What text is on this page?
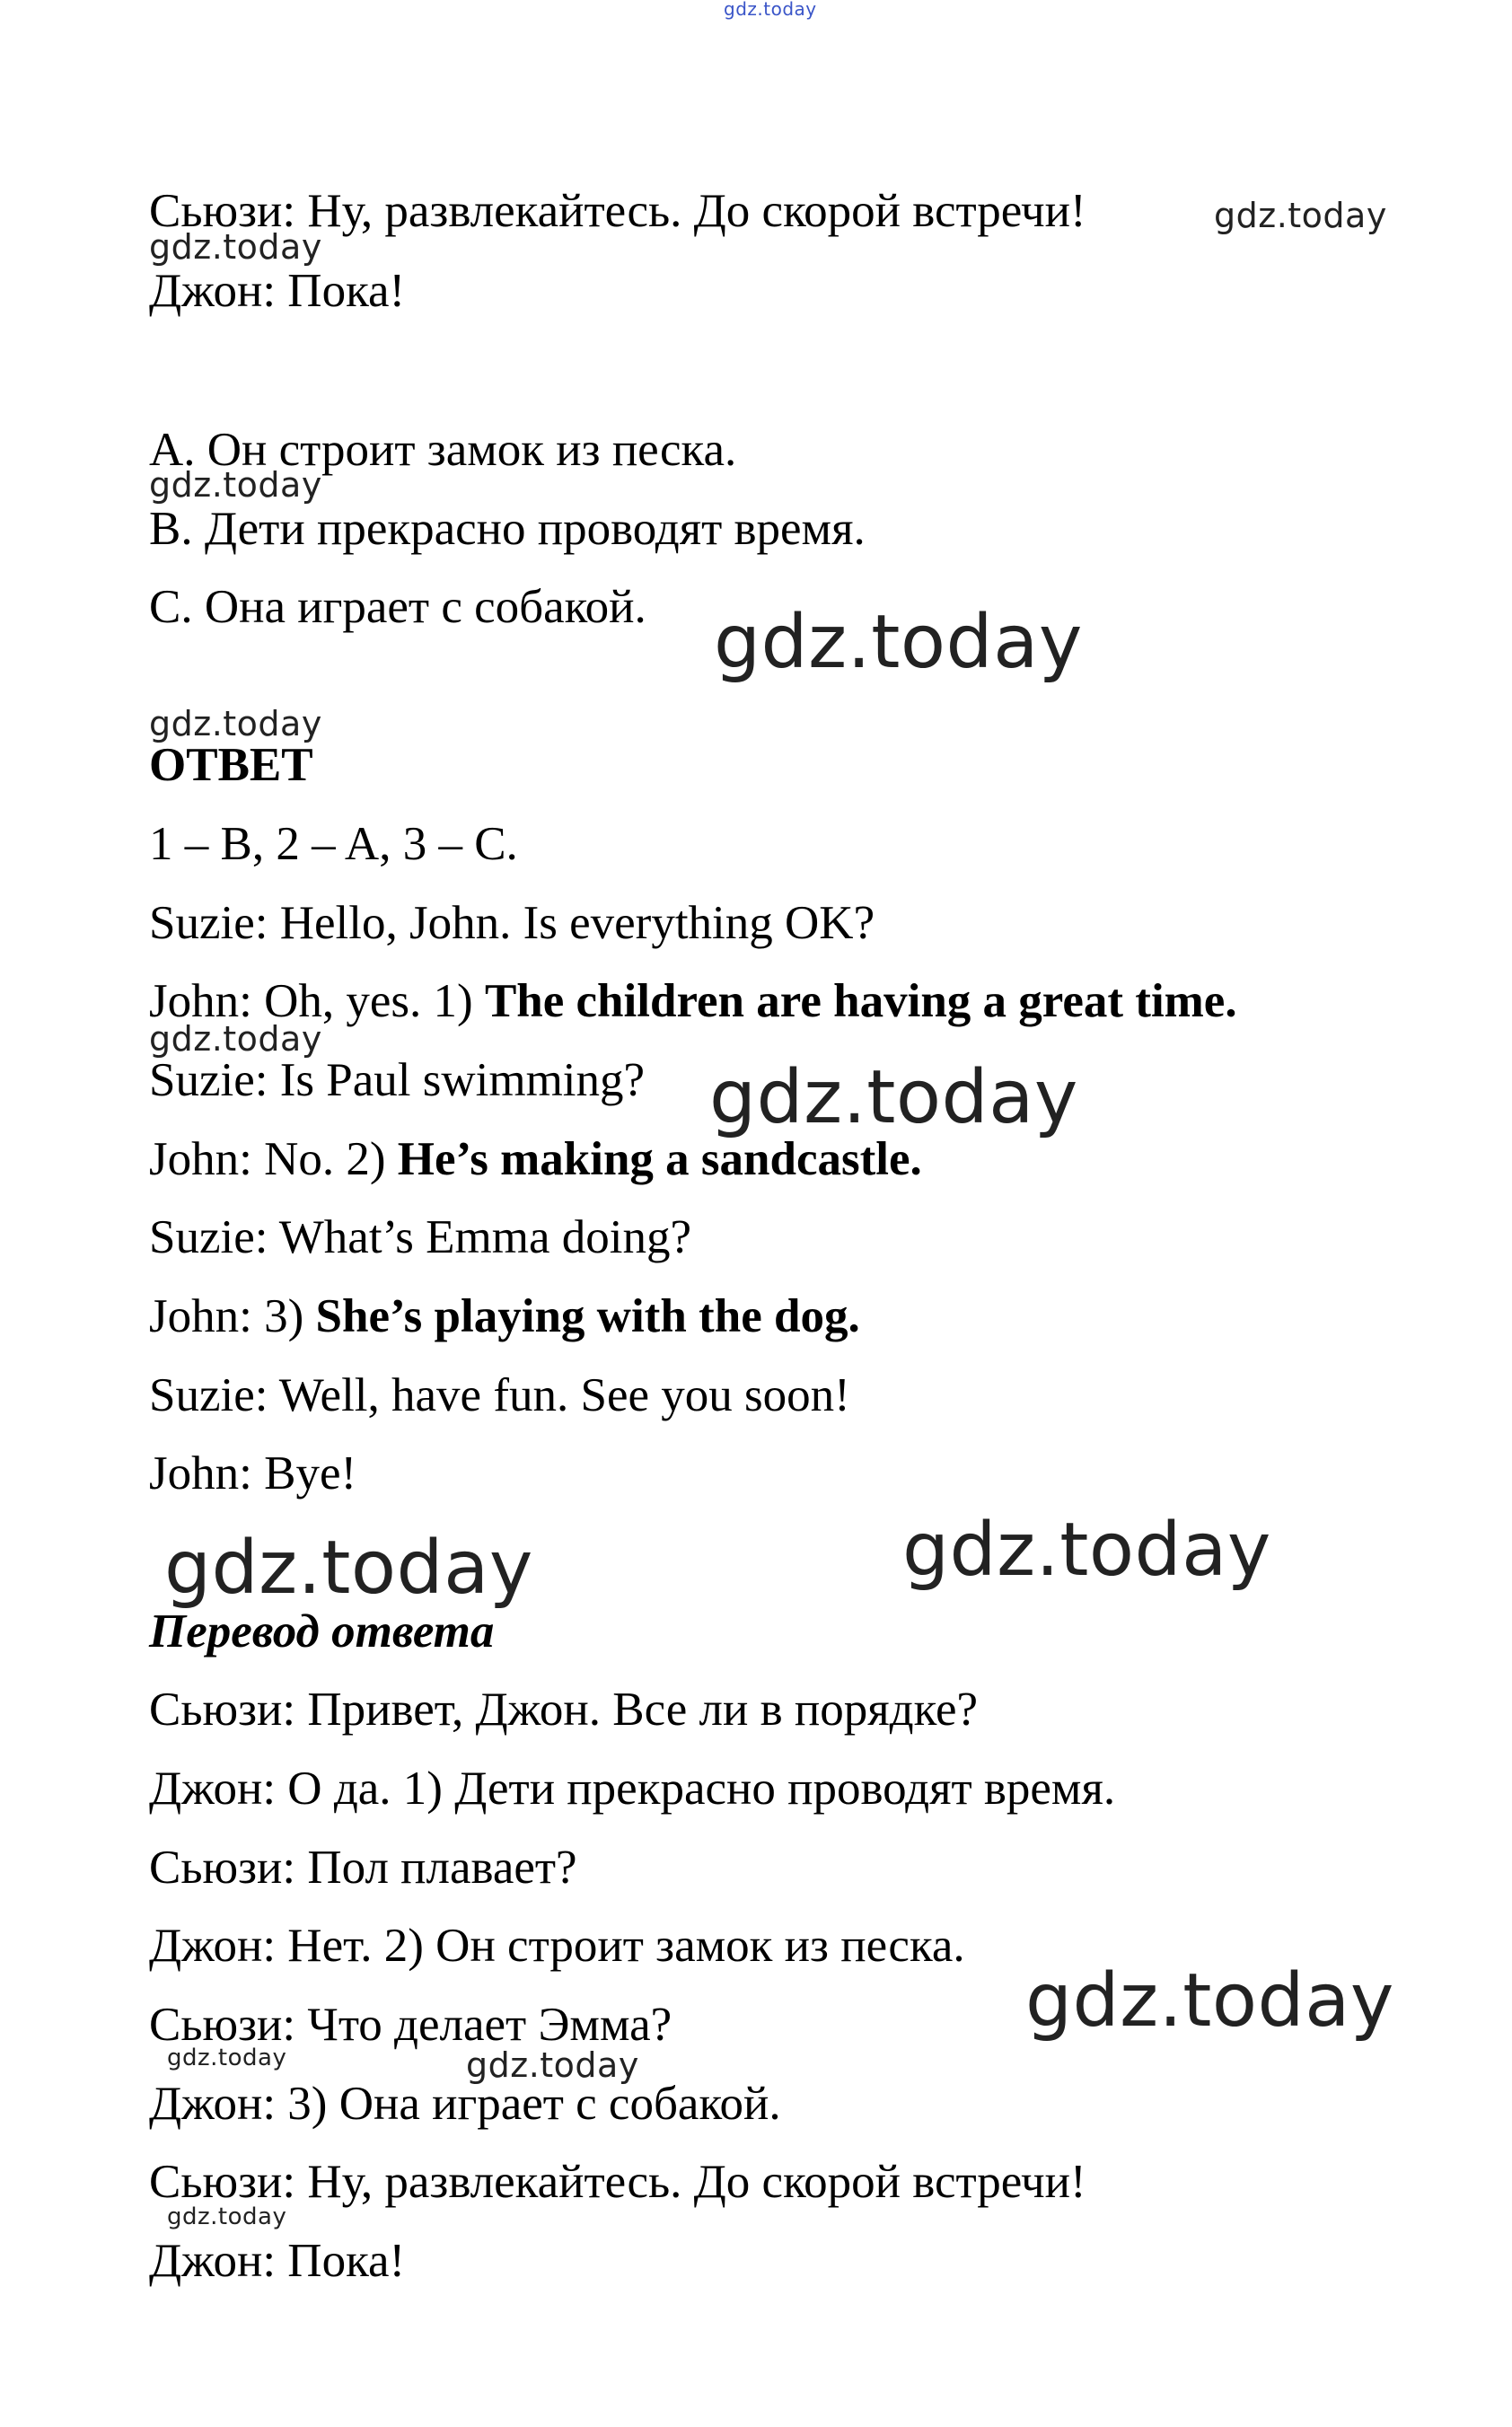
gdz.today
Сьюзи: Ну, развлекайтесь. До скорой встречи!	gdz.today
gdz.today
Джон: Пока!
A. Он строит замок из песка.
gdz.today
B. Дети прекрасно проводят время.
C. Она играет с собакой. gdz.today
gdz.today
ОТВЕТ
1 – B, 2 – A, 3 – C.
Suzie: Hello, John. Is everything OK?
John: Oh, yes. 1) The children are having a great time.
gdz.today
Suzie: Is Paul swimming? gdz.today
John: No. 2) He’s making a sandcastle.
Suzie: What’s Emma doing?
John: 3) She’s playing with the dog.
Suzie: Well, have fun. See you soon!
John: Bye!
gdz.today	gdz.today
Перевод ответа
Сьюзи: Привет, Джон. Все ли в порядке?
Джон: О да. 1) Дети прекрасно проводят время.
Сьюзи: Пол плавает?
Джон: Нет. 2) Он строит замок из песка.
gdz.today
Сьюзи: Что делает Эмма?
gdz.today	gdz.today
Джон: 3) Она играет с собакой.
Сьюзи: Ну, развлекайтесь. До скорой встречи!
gdz.today
Джон: Пока!
